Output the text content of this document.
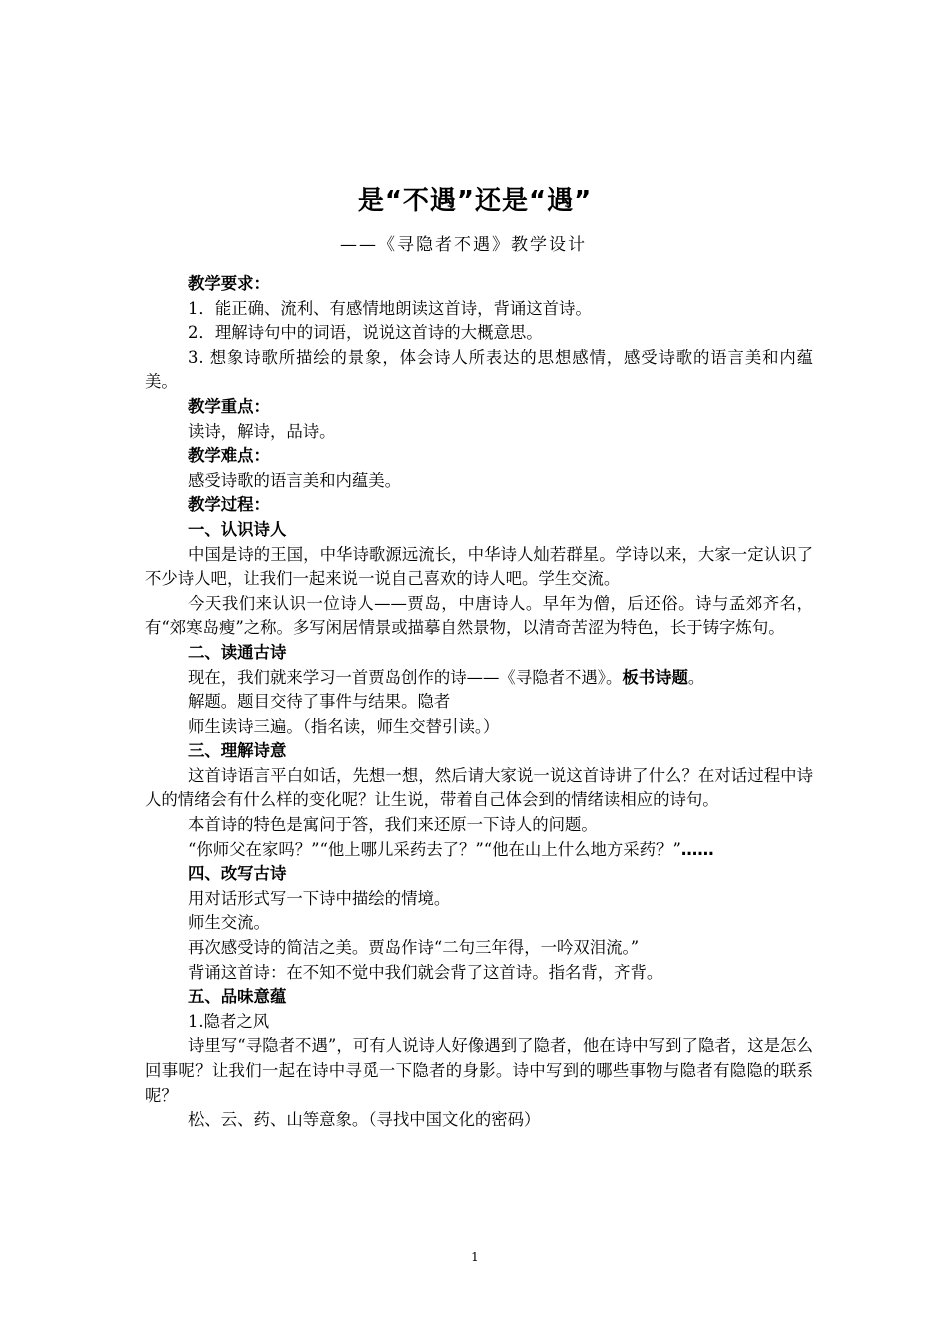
是“不遇”还是“遇”
——《寻隐者不遇》教学设计

教学要求：

1．能正确、流利、有感情地朗读这首诗，背诵这首诗。

2．理解诗句中的词语，说说这首诗的大概意思。

3. 想象诗歌所描绘的景象，体会诗人所表达的思想感情，感受诗歌的语言美和内蕴美。

教学重点：

读诗，解诗，品诗。

教学难点：

感受诗歌的语言美和内蕴美。

教学过程：

一、认识诗人

中国是诗的王国，中华诗歌源远流长，中华诗人灿若群星。学诗以来，大家一定认识了不少诗人吧，让我们一起来说一说自己喜欢的诗人吧。学生交流。

今天我们来认识一位诗人——贾岛，中唐诗人。早年为僧，后还俗。诗与孟郊齐名，有“郊寒岛瘦”之称。多写闲居情景或描摹自然景物，以清奇苦涩为特色，长于铸字炼句。

二、读通古诗

现在，我们就来学习一首贾岛创作的诗——《寻隐者不遇》。板书诗题。

解题。题目交待了事件与结果。隐者

师生读诗三遍。（指名读，师生交替引读。）

三、理解诗意

这首诗语言平白如话，先想一想，然后请大家说一说这首诗讲了什么？在对话过程中诗人的情绪会有什么样的变化呢？让生说，带着自己体会到的情绪读相应的诗句。

本首诗的特色是寓问于答，我们来还原一下诗人的问题。

“你师父在家吗？”“他上哪儿采药去了？”“他在山上什么地方采药？”……

四、改写古诗

用对话形式写一下诗中描绘的情境。

师生交流。

再次感受诗的简洁之美。贾岛作诗“二句三年得，一吟双泪流。”

背诵这首诗：在不知不觉中我们就会背了这首诗。指名背，齐背。

五、品味意蕴

1.隐者之风

诗里写“寻隐者不遇”，可有人说诗人好像遇到了隐者，他在诗中写到了隐者，这是怎么回事呢？让我们一起在诗中寻觅一下隐者的身影。诗中写到的哪些事物与隐者有隐隐的联系呢？

松、云、药、山等意象。（寻找中国文化的密码）

1
